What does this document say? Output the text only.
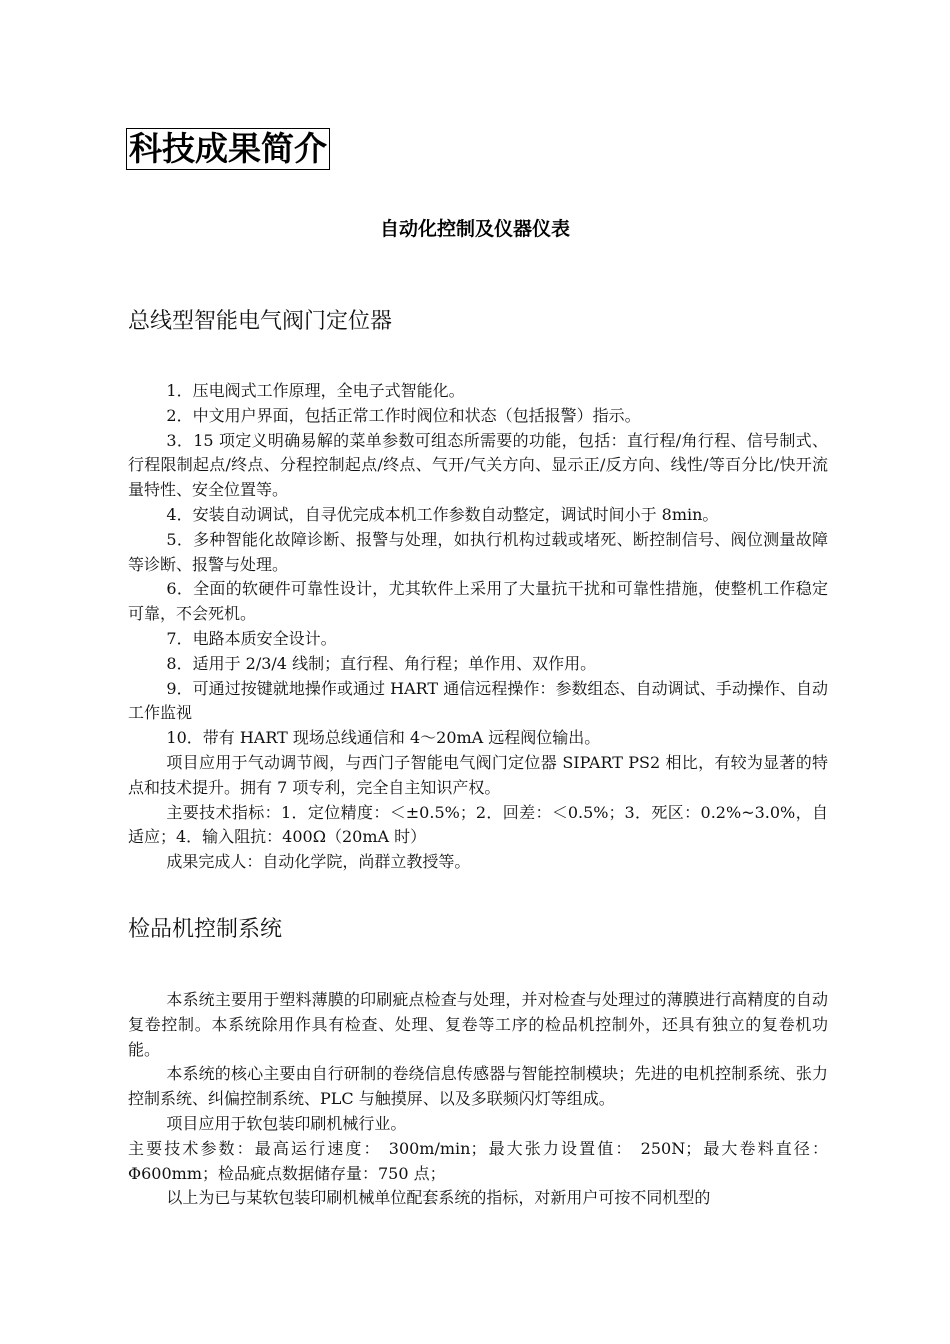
科技成果简介
自动化控制及仪器仪表
总线型智能电气阀门定位器

1．压电阀式工作原理，全电子式智能化。

2．中文用户界面，包括正常工作时阀位和状态（包括报警）指示。

3．15 项定义明确易解的菜单参数可组态所需要的功能，包括：直行程/角行程、信号制式、行程限制起点/终点、分程控制起点/终点、气开/气关方向、显示正/反方向、线性/等百分比/快开流量特性、安全位置等。

4．安装自动调试，自寻优完成本机工作参数自动整定，调试时间小于 8min。

5．多种智能化故障诊断、报警与处理，如执行机构过载或堵死、断控制信号、阀位测量故障等诊断、报警与处理。

6．全面的软硬件可靠性设计，尤其软件上采用了大量抗干扰和可靠性措施，使整机工作稳定可靠，不会死机。

7．电路本质安全设计。

8．适用于 2/3/4 线制；直行程、角行程；单作用、双作用。

9．可通过按键就地操作或通过 HART 通信远程操作：参数组态、自动调试、手动操作、自动工作监视

10．带有 HART 现场总线通信和 4～20mA 远程阀位输出。

项目应用于气动调节阀，与西门子智能电气阀门定位器 SIPART PS2 相比，有较为显著的特点和技术提升。拥有 7 项专利，完全自主知识产权。

主要技术指标：1．定位精度：＜±0.5%；2．回差：＜0.5%；3．死区：0.2%~3.0%，自适应；4．输入阻抗：400Ω（20mA 时）

成果完成人：自动化学院，尚群立教授等。

检品机控制系统

本系统主要用于塑料薄膜的印刷疵点检查与处理，并对检查与处理过的薄膜进行高精度的自动复卷控制。本系统除用作具有检查、处理、复卷等工序的检品机控制外，还具有独立的复卷机功能。

本系统的核心主要由自行研制的卷绕信息传感器与智能控制模块；先进的电机控制系统、张力控制系统、纠偏控制系统、PLC 与触摸屏、以及多联频闪灯等组成。

项目应用于软包装印刷机械行业。

主要技术参数：最高运行速度： 300m/min；最大张力设置值： 250N；最大卷料直径：Φ600mm；检品疵点数据储存量：750 点；

以上为已与某软包装印刷机械单位配套系统的指标，对新用户可按不同机型的
